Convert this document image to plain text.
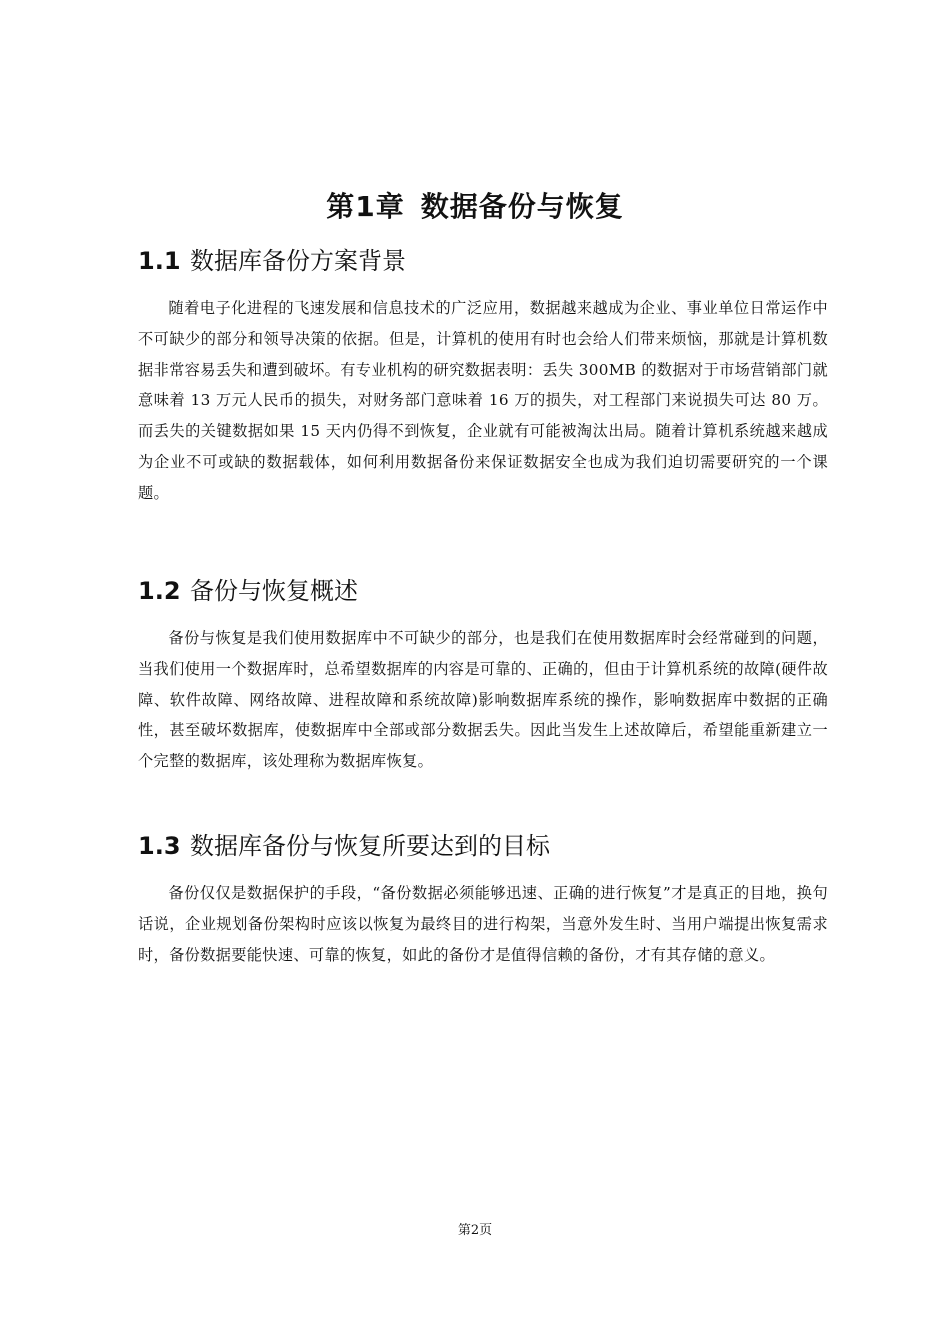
第1章 数据备份与恢复
1.1 数据库备份方案背景

随着电子化进程的飞速发展和信息技术的广泛应用，数据越来越成为企业、事业单位日常运作中不可缺少的部分和领导决策的依据。但是，计算机的使用有时也会给人们带来烦恼，那就是计算机数据非常容易丢失和遭到破坏。有专业机构的研究数据表明：丢失 300MB 的数据对于市场营销部门就意味着 13 万元人民币的损失，对财务部门意味着 16 万的损失，对工程部门来说损失可达 80 万。而丢失的关键数据如果 15 天内仍得不到恢复，企业就有可能被淘汰出局。随着计算机系统越来越成为企业不可或缺的数据载体，如何利用数据备份来保证数据安全也成为我们迫切需要研究的一个课题。

1.2 备份与恢复概述

备份与恢复是我们使用数据库中不可缺少的部分，也是我们在使用数据库时会经常碰到的问题，当我们使用一个数据库时，总希望数据库的内容是可靠的、正确的，但由于计算机系统的故障(硬件故障、软件故障、网络故障、进程故障和系统故障)影响数据库系统的操作，影响数据库中数据的正确性，甚至破坏数据库，使数据库中全部或部分数据丢失。因此当发生上述故障后，希望能重新建立一个完整的数据库，该处理称为数据库恢复。

1.3 数据库备份与恢复所要达到的目标

备份仅仅是数据保护的手段，“备份数据必须能够迅速、正确的进行恢复”才是真正的目地，换句话说，企业规划备份架构时应该以恢复为最终目的进行构架，当意外发生时、当用户端提出恢复需求时，备份数据要能快速、可靠的恢复，如此的备份才是值得信赖的备份，才有其存储的意义。

第2页
